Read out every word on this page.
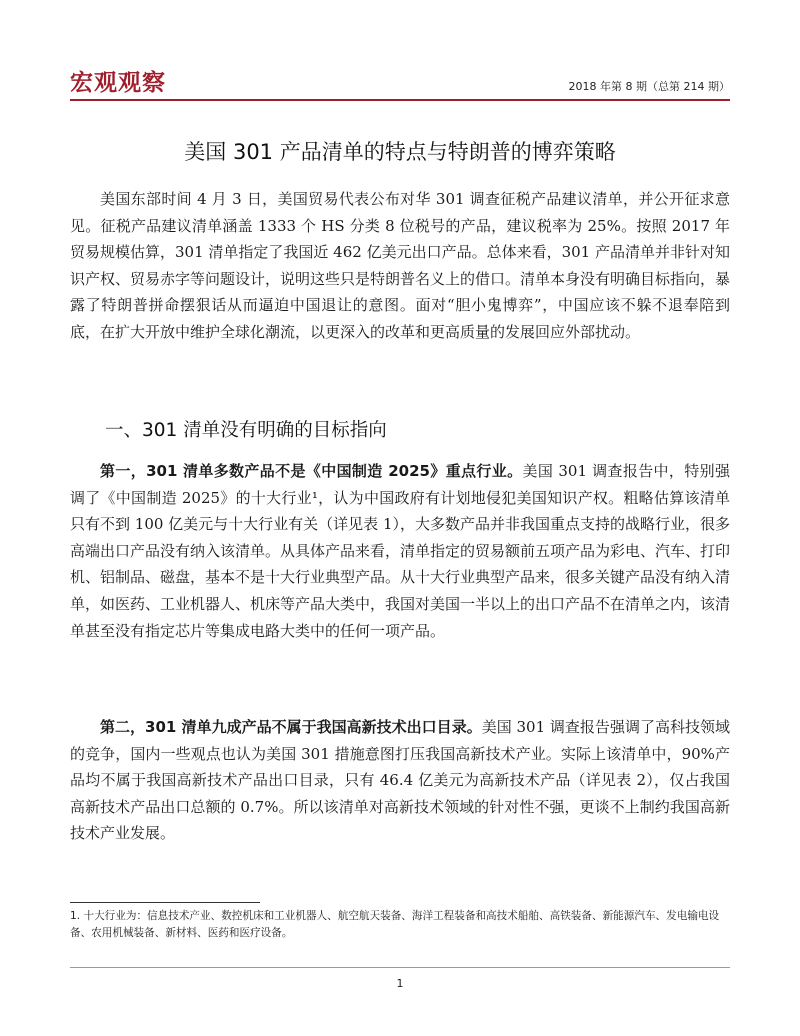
宏观观察	2018 年第 8 期（总第 214 期）
美国 301 产品清单的特点与特朗普的博弈策略

美国东部时间 4 月 3 日，美国贸易代表公布对华 301 调查征税产品建议清单，并公开征求意见。征税产品建议清单涵盖 1333 个 HS 分类 8 位税号的产品，建议税率为 25%。按照 2017 年贸易规模估算，301 清单指定了我国近 462 亿美元出口产品。总体来看，301 产品清单并非针对知识产权、贸易赤字等问题设计，说明这些只是特朗普名义上的借口。清单本身没有明确目标指向，暴露了特朗普拼命摆狠话从而逼迫中国退让的意图。面对“胆小鬼博弈”，中国应该不躲不退奉陪到底，在扩大开放中维护全球化潮流，以更深入的改革和更高质量的发展回应外部扰动。

一、301 清单没有明确的目标指向

第一，301 清单多数产品不是《中国制造 2025》重点行业。美国 301 调查报告中，特别强调了《中国制造 2025》的十大行业¹，认为中国政府有计划地侵犯美国知识产权。粗略估算该清单只有不到 100 亿美元与十大行业有关（详见表 1），大多数产品并非我国重点支持的战略行业，很多高端出口产品没有纳入该清单。从具体产品来看，清单指定的贸易额前五项产品为彩电、汽车、打印机、铝制品、磁盘，基本不是十大行业典型产品。从十大行业典型产品来，很多关键产品没有纳入清单，如医药、工业机器人、机床等产品大类中，我国对美国一半以上的出口产品不在清单之内，该清单甚至没有指定芯片等集成电路大类中的任何一项产品。

第二，301 清单九成产品不属于我国高新技术出口目录。美国 301 调查报告强调了高科技领域的竞争，国内一些观点也认为美国 301 措施意图打压我国高新技术产业。实际上该清单中，90%产品均不属于我国高新技术产品出口目录，只有 46.4 亿美元为高新技术产品（详见表 2），仅占我国高新技术产品出口总额的 0.7%。所以该清单对高新技术领域的针对性不强，更谈不上制约我国高新技术产业发展。

1. 十大行业为：信息技术产业、数控机床和工业机器人、航空航天装备、海洋工程装备和高技术船舶、高铁装备、新能源汽车、发电输电设备、农用机械装备、新材料、医药和医疗设备。
1
